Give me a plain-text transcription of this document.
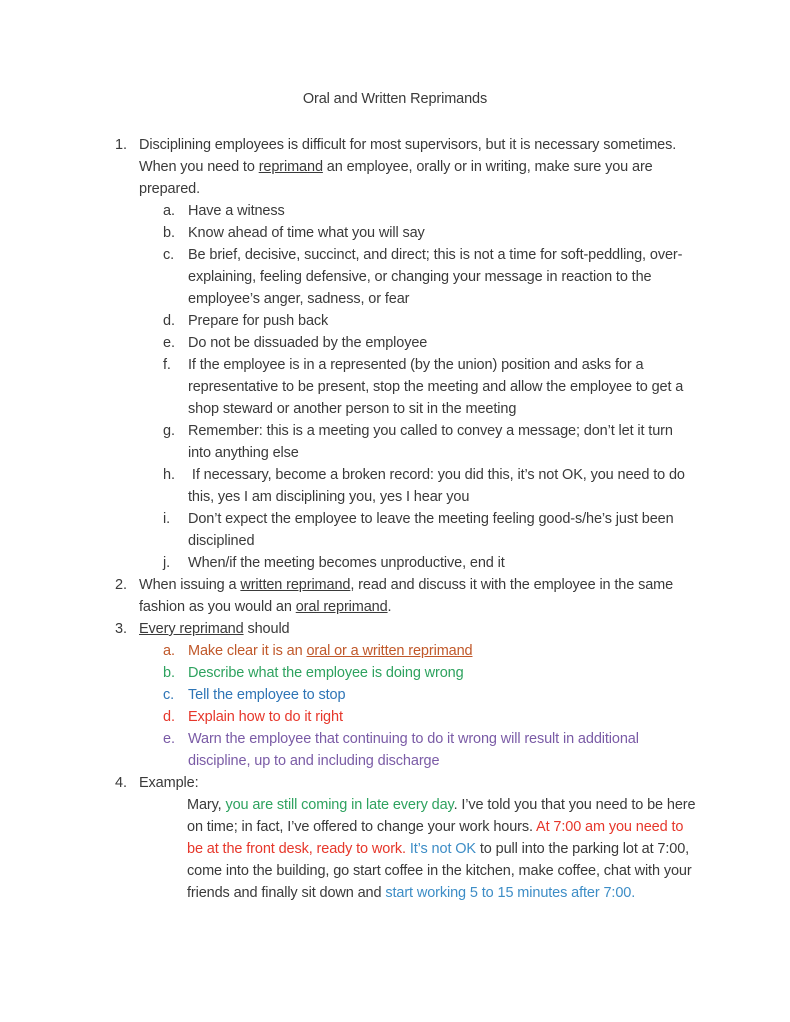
Oral and Written Reprimands
1. Disciplining employees is difficult for most supervisors, but it is necessary sometimes. When you need to reprimand an employee, orally or in writing, make sure you are prepared.
a. Have a witness
b. Know ahead of time what you will say
c. Be brief, decisive, succinct, and direct; this is not a time for soft-peddling, over-explaining, feeling defensive, or changing your message in reaction to the employee’s anger, sadness, or fear
d. Prepare for push back
e. Do not be dissuaded by the employee
f.	If the employee is in a represented (by the union) position and asks for a representative to be present, stop the meeting and allow the employee to get a shop steward or another person to sit in the meeting
g. Remember: this is a meeting you called to convey a message; don’t let it turn into anything else
h. If necessary, become a broken record: you did this, it’s not OK, you need to do this, yes I am disciplining you, yes I hear you
i.	Don’t expect the employee to leave the meeting feeling good-s/he’s just been disciplined
j.	When/if the meeting becomes unproductive, end it
2. When issuing a written reprimand, read and discuss it with the employee in the same fashion as you would an oral reprimand.
3. Every reprimand should
a. Make clear it is an oral or a written reprimand
b. Describe what the employee is doing wrong
c. Tell the employee to stop
d. Explain how to do it right
e. Warn the employee that continuing to do it wrong will result in additional discipline, up to and including discharge
4. Example:
Mary, you are still coming in late every day. I’ve told you that you need to be here on time; in fact, I’ve offered to change your work hours. At 7:00 am you need to be at the front desk, ready to work. It’s not OK to pull into the parking lot at 7:00, come into the building, go start coffee in the kitchen, make coffee, chat with your friends and finally sit down and start working 5 to 15 minutes after 7:00.
